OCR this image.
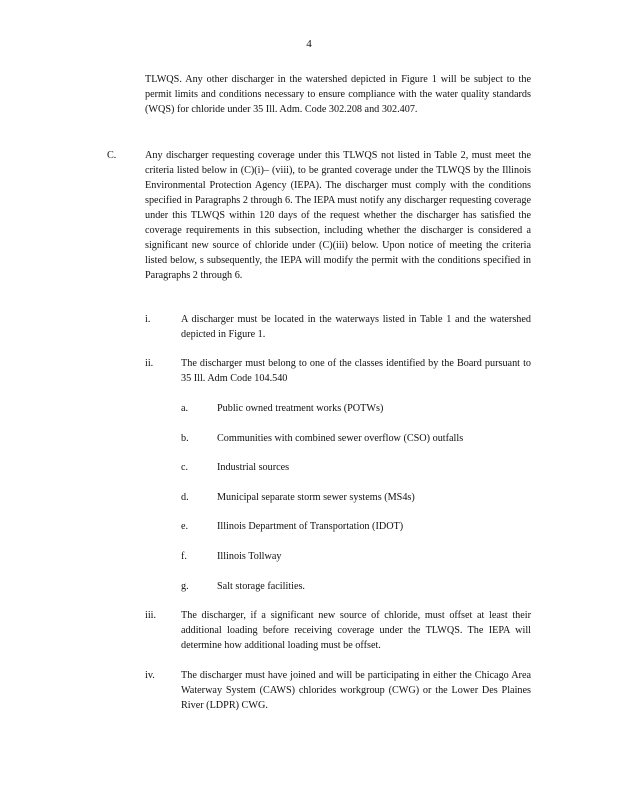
4
TLWQS. Any other discharger in the watershed depicted in Figure 1 will be subject to the permit limits and conditions necessary to ensure compliance with the water quality standards (WQS) for chloride under 35 Ill. Adm. Code 302.208 and 302.407.
C.	Any discharger requesting coverage under this TLWQS not listed in Table 2, must meet the criteria listed below in (C)(i)– (viii), to be granted coverage under the TLWQS by the Illinois Environmental Protection Agency (IEPA). The discharger must comply with the conditions specified in Paragraphs 2 through 6. The IEPA must notify any discharger requesting coverage under this TLWQS within 120 days of the request whether the discharger has satisfied the coverage requirements in this subsection, including whether the discharger is considered a significant new source of chloride under (C)(iii) below. Upon notice of meeting the criteria listed below, s subsequently, the IEPA will modify the permit with the conditions specified in Paragraphs 2 through 6.
i.	A discharger must be located in the waterways listed in Table 1 and the watershed depicted in Figure 1.
ii.	The discharger must belong to one of the classes identified by the Board pursuant to 35 Ill. Adm Code 104.540
a.	Public owned treatment works (POTWs)
b.	Communities with combined sewer overflow (CSO) outfalls
c.	Industrial sources
d.	Municipal separate storm sewer systems (MS4s)
e.	Illinois Department of Transportation (IDOT)
f.	Illinois Tollway
g.	Salt storage facilities.
iii. The discharger, if a significant new source of chloride, must offset at least their additional loading before receiving coverage under the TLWQS. The IEPA will determine how additional loading must be offset.
iv.	The discharger must have joined and will be participating in either the Chicago Area Waterway System (CAWS) chlorides workgroup (CWG) or the Lower Des Plaines River (LDPR) CWG.
